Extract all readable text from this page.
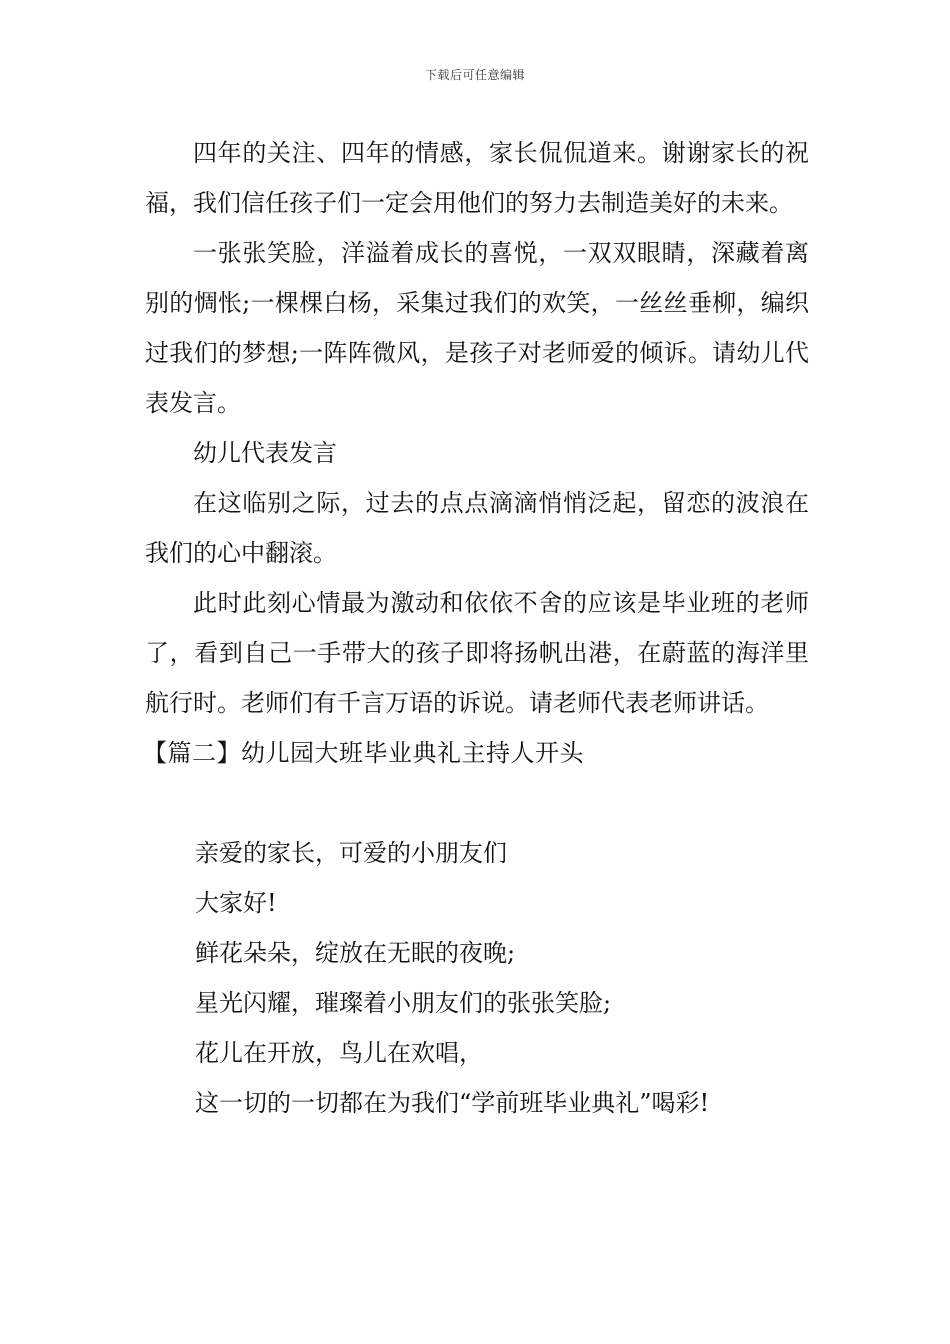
下载后可任意编辑

四年的关注、四年的情感，家长侃侃道来。谢谢家长的祝福，我们信任孩子们一定会用他们的努力去制造美好的未来。

一张张笑脸，洋溢着成长的喜悦，一双双眼睛，深藏着离别的惆怅;一棵棵白杨，采集过我们的欢笑，一丝丝垂柳，编织过我们的梦想;一阵阵微风，是孩子对老师爱的倾诉。请幼儿代表发言。

幼儿代表发言

在这临别之际，过去的点点滴滴悄悄泛起，留恋的波浪在我们的心中翻滚。

此时此刻心情最为激动和依依不舍的应该是毕业班的老师了，看到自己一手带大的孩子即将扬帆出港，在蔚蓝的海洋里航行时。老师们有千言万语的诉说。请老师代表老师讲话。

【篇二】幼儿园大班毕业典礼主持人开头

亲爱的家长，可爱的小朋友们

大家好!

鲜花朵朵，绽放在无眠的夜晚;

星光闪耀，璀璨着小朋友们的张张笑脸;

花儿在开放，鸟儿在欢唱，

这一切的一切都在为我们“学前班毕业典礼”喝彩!
